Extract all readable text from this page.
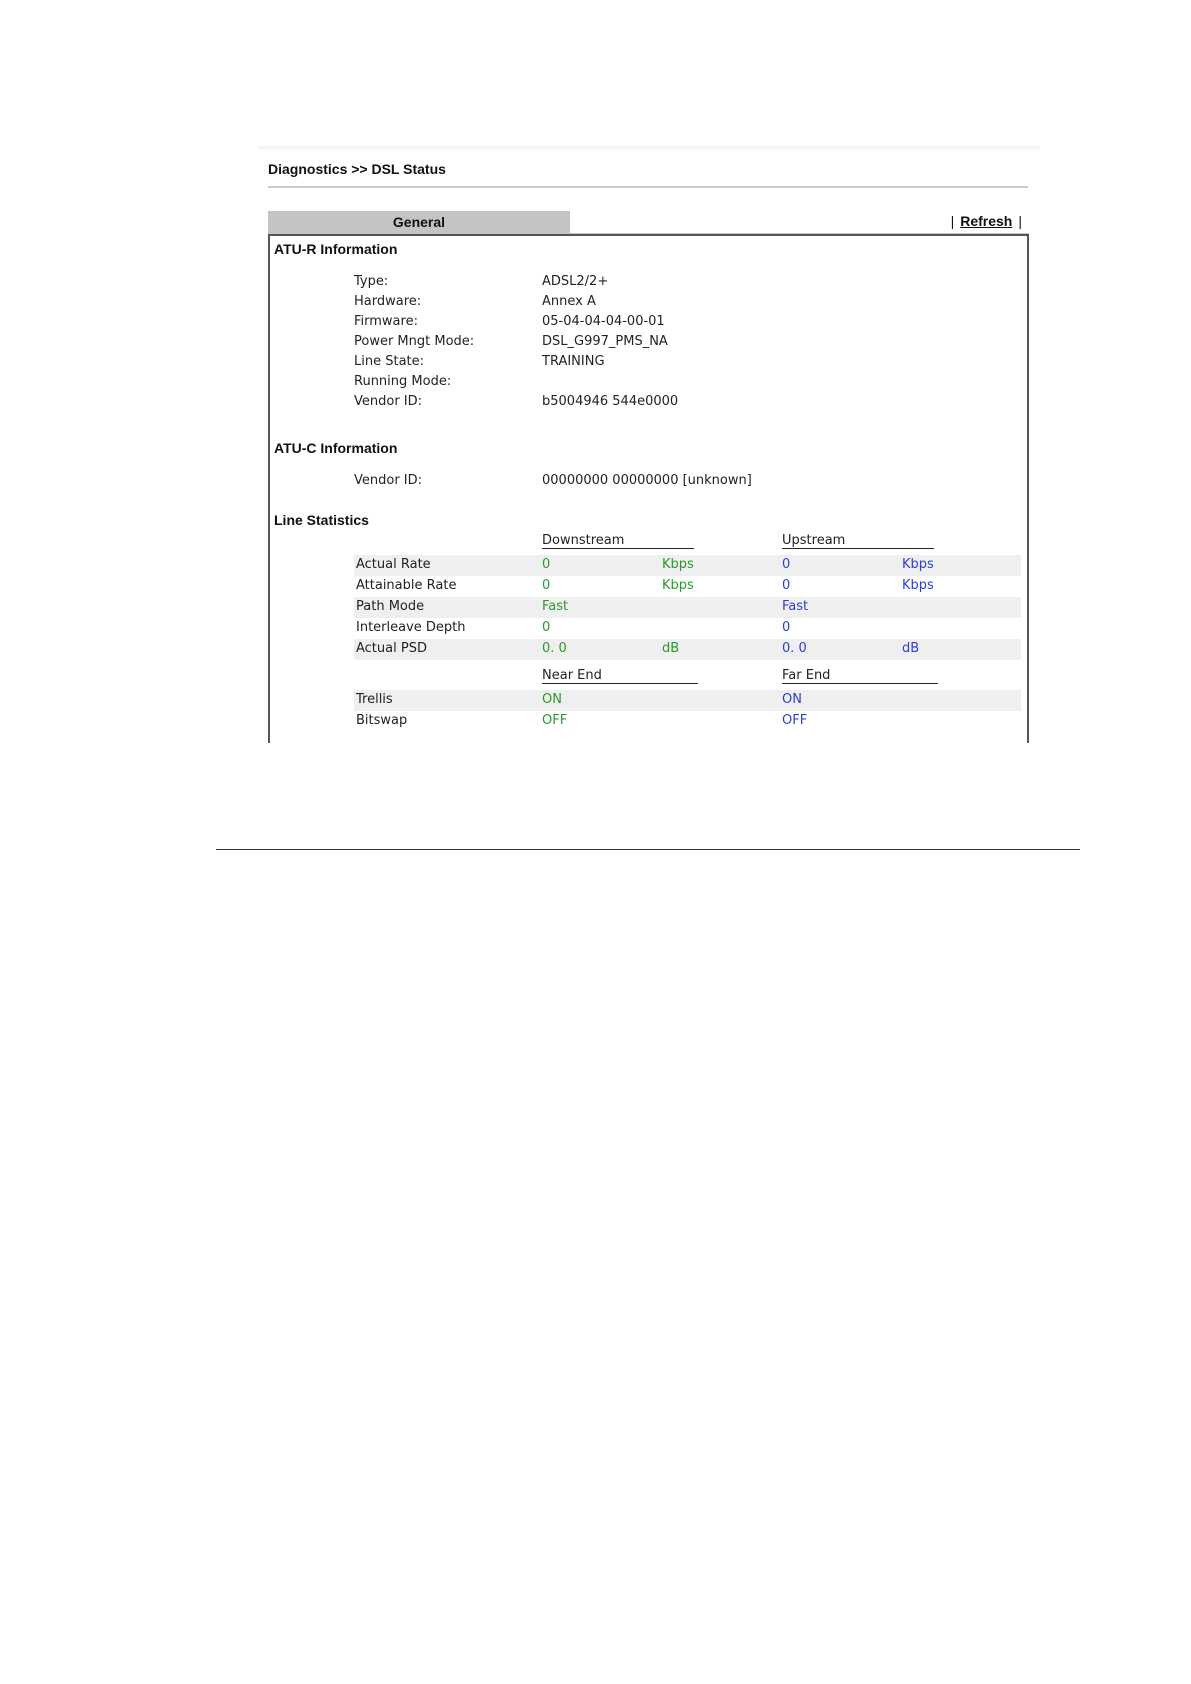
Diagnostics >> DSL Status
General	| Refresh |
ATU-R Information
Type:	ADSL2/2+
Hardware:	Annex A
Firmware:	05-04-04-04-00-01
Power Mngt Mode:	DSL_G997_PMS_NA
Line State:	TRAINING
Running Mode:
Vendor ID:	b5004946 544e0000
ATU-C Information
Vendor ID:	00000000 00000000 [unknown]
Line Statistics
Downstream	Upstream
Actual Rate	0	Kbps	0	Kbps
Attainable Rate	0	Kbps	0	Kbps
Path Mode	Fast	Fast
Interleave Depth	0	0
Actual PSD	0. 0	dB	0. 0	dB
Near End	Far End
Trellis	ON	ON
Bitswap	OFF	OFF
